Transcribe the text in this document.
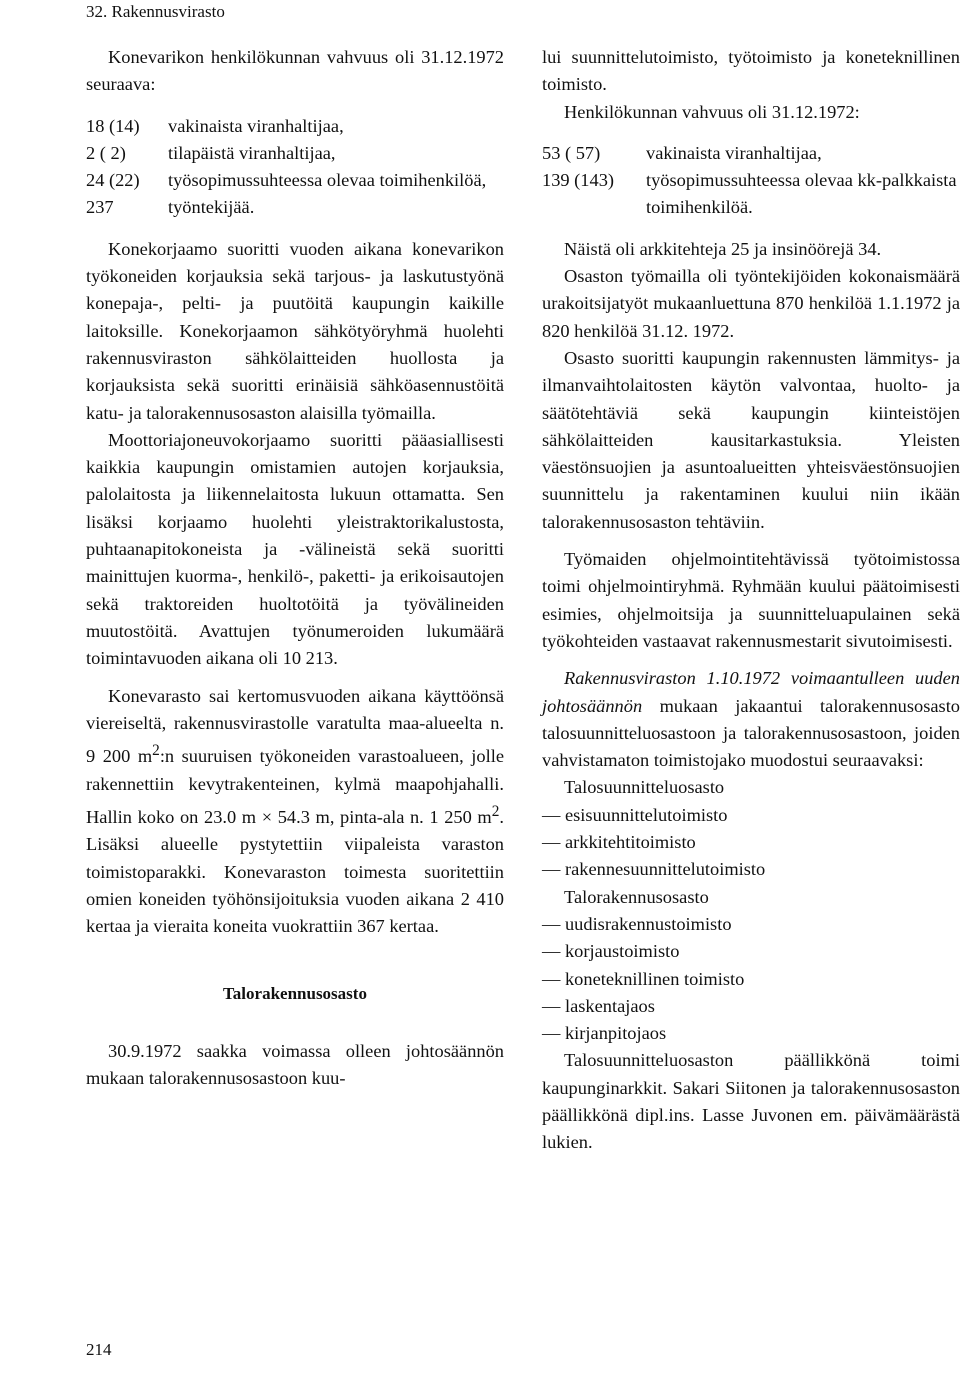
32. Rakennusvirasto

Konevarikon henkilökunnan vahvuus oli 31.12.1972 seuraava:

18 (14)	vakinaista viranhaltijaa,
2 ( 2)	tilapäistä viranhaltijaa,
24 (22)	työsopimussuhteessa olevaa toimihenkilöä,
237	työntekijää.

Konekorjaamo suoritti vuoden aikana konevarikon työkoneiden korjauksia sekä tarjous- ja laskutustyönä konepaja-, pelti- ja puutöitä kaupungin kaikille laitoksille. Konekorjaamon sähkötyöryhmä huolehti rakennusviraston sähkölaitteiden huollosta ja korjauksista sekä suoritti erinäisiä sähköasennustöitä katu- ja talorakennusosaston alaisilla työmailla.

Moottoriajoneuvokorjaamo suoritti pääasiallisesti kaikkia kaupungin omistamien autojen korjauksia, palolaitosta ja liikennelaitosta lukuun ottamatta. Sen lisäksi korjaamo huolehti yleistraktorikalustosta, puhtaanapitokoneista ja -välineistä sekä suoritti mainittujen kuorma-, henkilö-, paketti- ja erikoisautojen sekä traktoreiden huoltotöitä ja työvälineiden muutostöitä. Avattujen työnumeroiden lukumäärä toimintavuoden aikana oli 10 213.

Konevarasto sai kertomusvuoden aikana käyttöönsä viereiseltä, rakennusvirastolle varatulta maa-alueelta n. 9 200 $m^2:n$ suuruisen työkoneiden varastoalueen, jolle rakennettiin kevytrakenteinen, kylmä maapohjahalli. Hallin koko on 23.0 m × 54.3 m, pinta-ala n. 1 250 $m^2$. Lisäksi alueelle pystytettiin viipaleista varaston toimistoparakki. Konevaraston toimesta suoritettiin omien koneiden työhönsijoituksia vuoden aikana 2 410 kertaa ja vieraita koneita vuokrattiin 367 kertaa.

Talorakennusosasto

30.9.1972 saakka voimassa olleen johtosäännön mukaan talorakennusosastoon kuu-

lui suunnittelutoimisto, työtoimisto ja koneteknillinen toimisto.

Henkilökunnan vahvuus oli 31.12.1972:

53 ( 57)	vakinaista viranhaltijaa,
139 (143)	työsopimussuhteessa olevaa kk-palkkaista toimihenkilöä.

Näistä oli arkkitehteja 25 ja insinöörejä 34.

Osaston työmailla oli työntekijöiden kokonaismäärä urakoitsijatyöt mukaanluettuna 870 henkilöä 1.1.1972 ja 820 henkilöä 31.12. 1972.

Osasto suoritti kaupungin rakennusten lämmitys- ja ilmanvaihtolaitosten käytön valvontaa, huolto- ja säätötehtäviä sekä kaupungin kiinteistöjen sähkölaitteiden kausitarkastuksia. Yleisten väestönsuojien ja asuntoalueitten yhteisväestönsuojien suunnittelu ja rakentaminen kuului niin ikään talorakennusosaston tehtäviin.

Työmaiden ohjelmointitehtävissä työtoimistossa toimi ohjelmointiryhmä. Ryhmään kuului päätoimisesti esimies, ohjelmoitsija ja suunnitteluapulainen sekä työkohteiden vastaavat rakennusmestarit sivutoimisesti.

Rakennusviraston 1.10.1972 voimaantulleen uuden johtosäännön mukaan jakaantui talorakennusosasto talosuunnitteluosastoon ja talorakennusosastoon, joiden vahvistamaton toimistojako muodostui seuraavaksi:

Talosuunnitteluosasto
— esisuunnittelutoimisto
— arkkitehtitoimisto
— rakennesuunnittelutoimisto
Talorakennusosasto
— uudisrakennustoimisto
— korjaustoimisto
— koneteknillinen toimisto
— laskentajaos
— kirjanpitojaos

Talosuunnitteluosaston päällikkönä toimi kaupunginarkkit. Sakari Siitonen ja talorakennusosaston päällikkönä dipl.ins. Lasse Juvonen em. päivämäärästä lukien.

214
